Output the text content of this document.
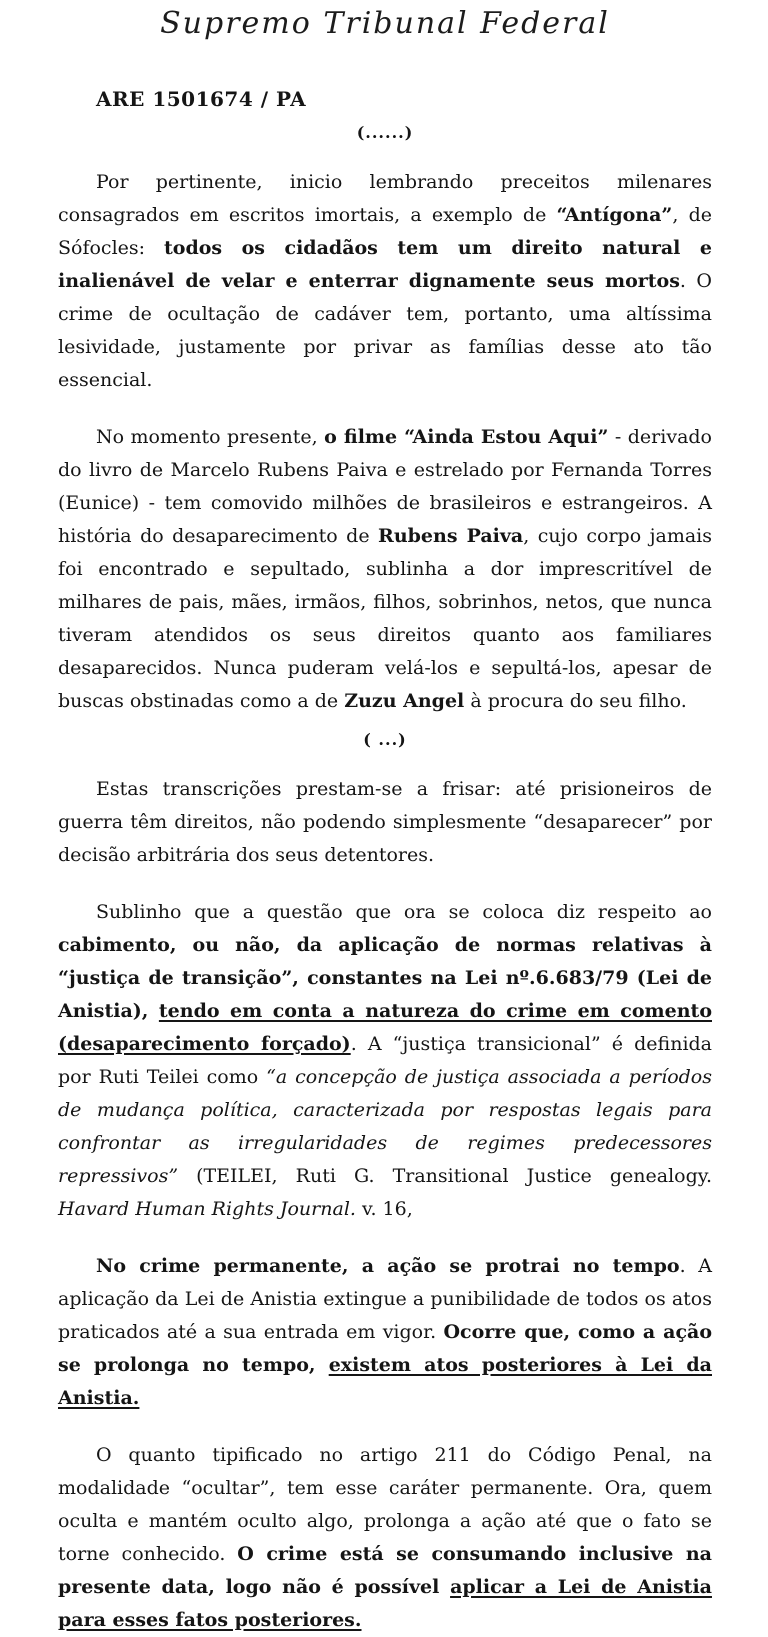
Supremo Tribunal Federal
ARE 1501674 / PA
(......)
Por pertinente, inicio lembrando preceitos milenares consagrados em escritos imortais, a exemplo de “Antígona”, de Sófocles: todos os cidadãos tem um direito natural e inalienável de velar e enterrar dignamente seus mortos. O crime de ocultação de cadáver tem, portanto, uma altíssima lesividade, justamente por privar as famílias desse ato tão essencial.
No momento presente, o filme “Ainda Estou Aqui” - derivado do livro de Marcelo Rubens Paiva e estrelado por Fernanda Torres (Eunice) - tem comovido milhões de brasileiros e estrangeiros. A história do desaparecimento de Rubens Paiva, cujo corpo jamais foi encontrado e sepultado, sublinha a dor imprescritível de milhares de pais, mães, irmãos, filhos, sobrinhos, netos, que nunca tiveram atendidos os seus direitos quanto aos familiares desaparecidos. Nunca puderam velá-los e sepultá-los, apesar de buscas obstinadas como a de Zuzu Angel à procura do seu filho.
( ...)
Estas transcrições prestam-se a frisar: até prisioneiros de guerra têm direitos, não podendo simplesmente “desaparecer” por decisão arbitrária dos seus detentores.
Sublinho que a questão que ora se coloca diz respeito ao cabimento, ou não, da aplicação de normas relativas à “justiça de transição”, constantes na Lei nº.6.683/79 (Lei de Anistia), tendo em conta a natureza do crime em comento (desaparecimento forçado). A “justiça transicional” é definida por Ruti Teilei como “a concepção de justiça associada a períodos de mudança política, caracterizada por respostas legais para confrontar as irregularidades de regimes predecessores repressivos” (TEILEI, Ruti G. Transitional Justice genealogy. Havard Human Rights Journal. v. 16,
No crime permanente, a ação se protrai no tempo. A aplicação da Lei de Anistia extingue a punibilidade de todos os atos praticados até a sua entrada em vigor. Ocorre que, como a ação se prolonga no tempo, existem atos posteriores à Lei da Anistia.
O quanto tipificado no artigo 211 do Código Penal, na modalidade “ocultar”, tem esse caráter permanente. Ora, quem oculta e mantém oculto algo, prolonga a ação até que o fato se torne conhecido. O crime está se consumando inclusive na presente data, logo não é possível aplicar a Lei de Anistia para esses fatos posteriores.
